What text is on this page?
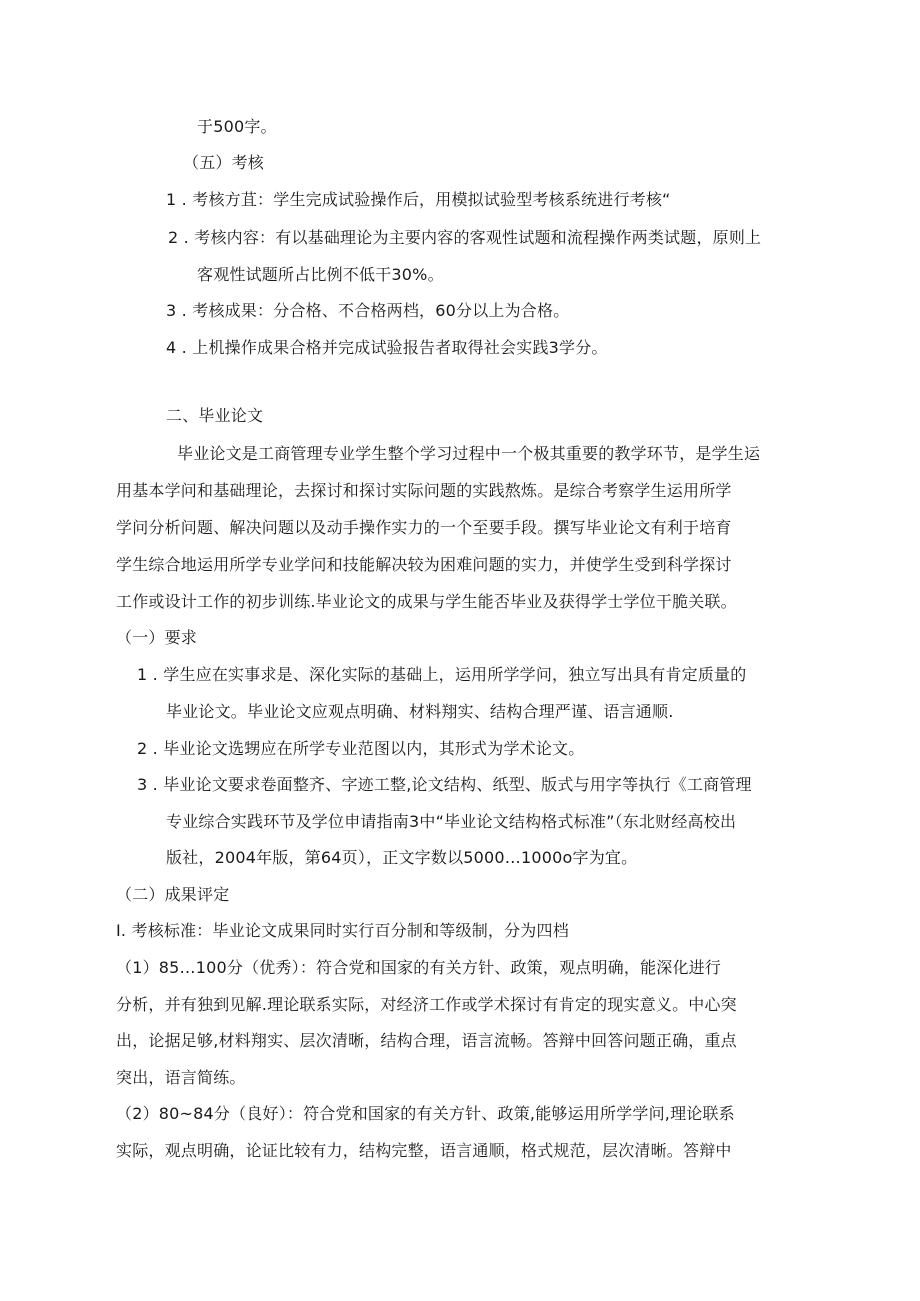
于500字。
（五）考核
1 . 考核方苴：学生完成试验操作后，用模拟试验型考核系统进行考核“
2 . 考核内容：有以基础理论为主要内容的客观性试题和流程操作两类试题，原则上
客观性试题所占比例不低干30%。
3 . 考核成果：分合格、不合格两档，60分以上为合格。
4 . 上机操作成果合格并完成试验报告者取得社会实践3学分。
二、毕业论文
毕业论文是工商管理专业学生整个学习过程中一个极其重要的教学环节，是学生运
用基本学问和基础理论，去探讨和探讨实际问题的实践熬炼。是综合考察学生运用所学
学问分析问题、解决问题以及动手操作实力的一个至要手段。撰写毕业论文有利于培育
学生综合地运用所学专业学问和技能解决较为困难问题的实力，并使学生受到科学探讨
工作或设计工作的初步训练.毕业论文的成果与学生能否毕业及获得学士学位干脆关联。
（一）要求
1 . 学生应在实事求是、深化实际的基础上，运用所学学问，独立写出具有肯定质量的
毕业论文。毕业论文应观点明确、材料翔实、结构合理严谨、语言通顺.
2 . 毕业论文选甥应在所学专业范图以内，其形式为学术论文。
3 . 毕业论文要求卷面整齐、字迹工整,论文结构、纸型、版式与用字等执行《工商管理
专业综合实践环节及学位申请指南3中“毕业论文结构格式标准”（东北财经高校出
版社，2004年版，第64页），正文字数以5000…1000o字为宜。
（二）成果评定
I. 考核标准：毕业论文成果同时实行百分制和等级制，分为四档
（1）85…100分（优秀）：符合党和国家的有关方针、政策，观点明确，能深化进行
分析，并有独到见解.理论联系实际，对经济工作或学术探讨有肯定的现实意义。中心突
出，论据足够,材料翔实、层次清晰，结构合理，语言流畅。答辩中回答问题正确，重点
突出，语言简练。
（2）80~84分（良好）：符合党和国家的有关方针、政策,能够运用所学学问,理论联系
实际，观点明确，论证比较有力，结构完整，语言通顺，格式规范，层次清晰。答辩中
